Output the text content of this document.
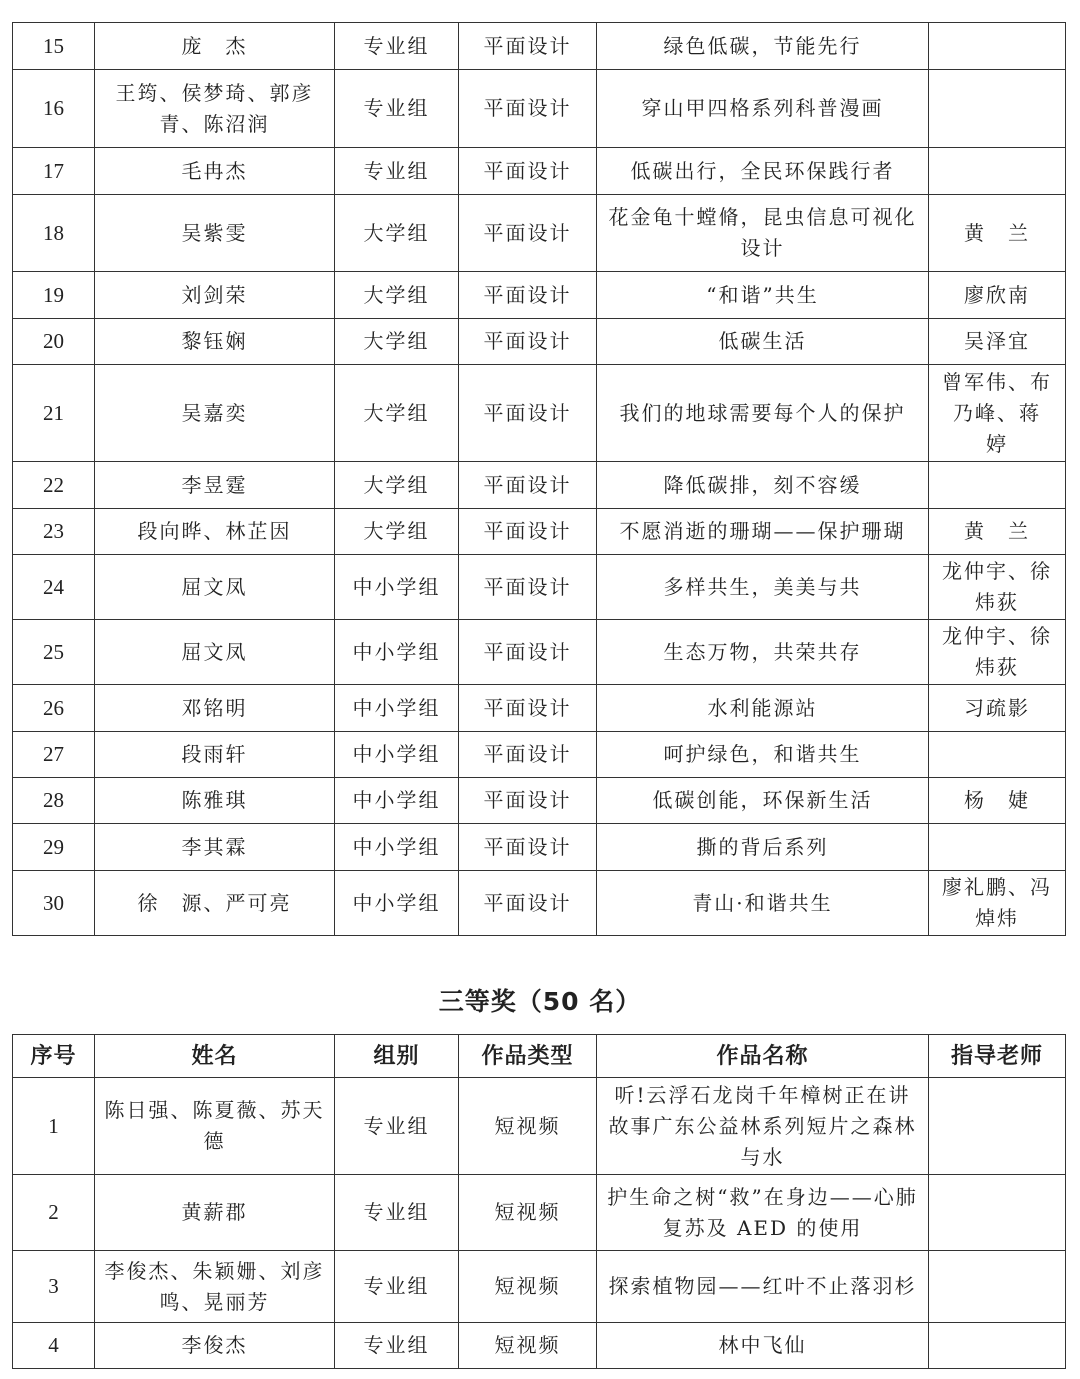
15	庞　杰	专业组	平面设计	绿色低碳，节能先行	
16	王筠、侯梦琦、郭彦青、陈沼润	专业组	平面设计	穿山甲四格系列科普漫画	
17	毛冉杰	专业组	平面设计	低碳出行，全民环保践行者	
18	吴紫雯	大学组	平面设计	花金龟十螳脩，昆虫信息可视化设计	黄　兰
19	刘剑荣	大学组	平面设计	“和谐”共生	廖欣南
20	黎钰娴	大学组	平面设计	低碳生活	吴泽宜
21	吴嘉奕	大学组	平面设计	我们的地球需要每个人的保护	曾军伟、布乃峰、蒋　婷
22	李昱霆	大学组	平面设计	降低碳排，刻不容缓	
23	段向晔、林芷因	大学组	平面设计	不愿消逝的珊瑚——保护珊瑚	黄　兰
24	屈文凤	中小学组	平面设计	多样共生，美美与共	龙仲宇、徐炜荻
25	屈文凤	中小学组	平面设计	生态万物，共荣共存	龙仲宇、徐炜荻
26	邓铭明	中小学组	平面设计	水利能源站	习疏影
27	段雨轩	中小学组	平面设计	呵护绿色，和谐共生	
28	陈雅琪	中小学组	平面设计	低碳创能，环保新生活	杨　婕
29	李其霖	中小学组	平面设计	撕的背后系列	
30	徐　源、严可亮	中小学组	平面设计	青山·和谐共生	廖礼鹏、冯焯炜
三等奖（50 名）
序号	姓名	组别	作品类型	作品名称	指导老师
1	陈日强、陈夏薇、苏天德	专业组	短视频	听!云浮石龙岗千年樟树正在讲故事广东公益林系列短片之森林与水	
2	黄薪郡	专业组	短视频	护生命之树“救”在身边——心肺复苏及 AED 的使用	
3	李俊杰、朱颖姗、刘彦鸣、晃丽芳	专业组	短视频	探索植物园——红叶不止落羽杉	
4	李俊杰	专业组	短视频	林中飞仙	
